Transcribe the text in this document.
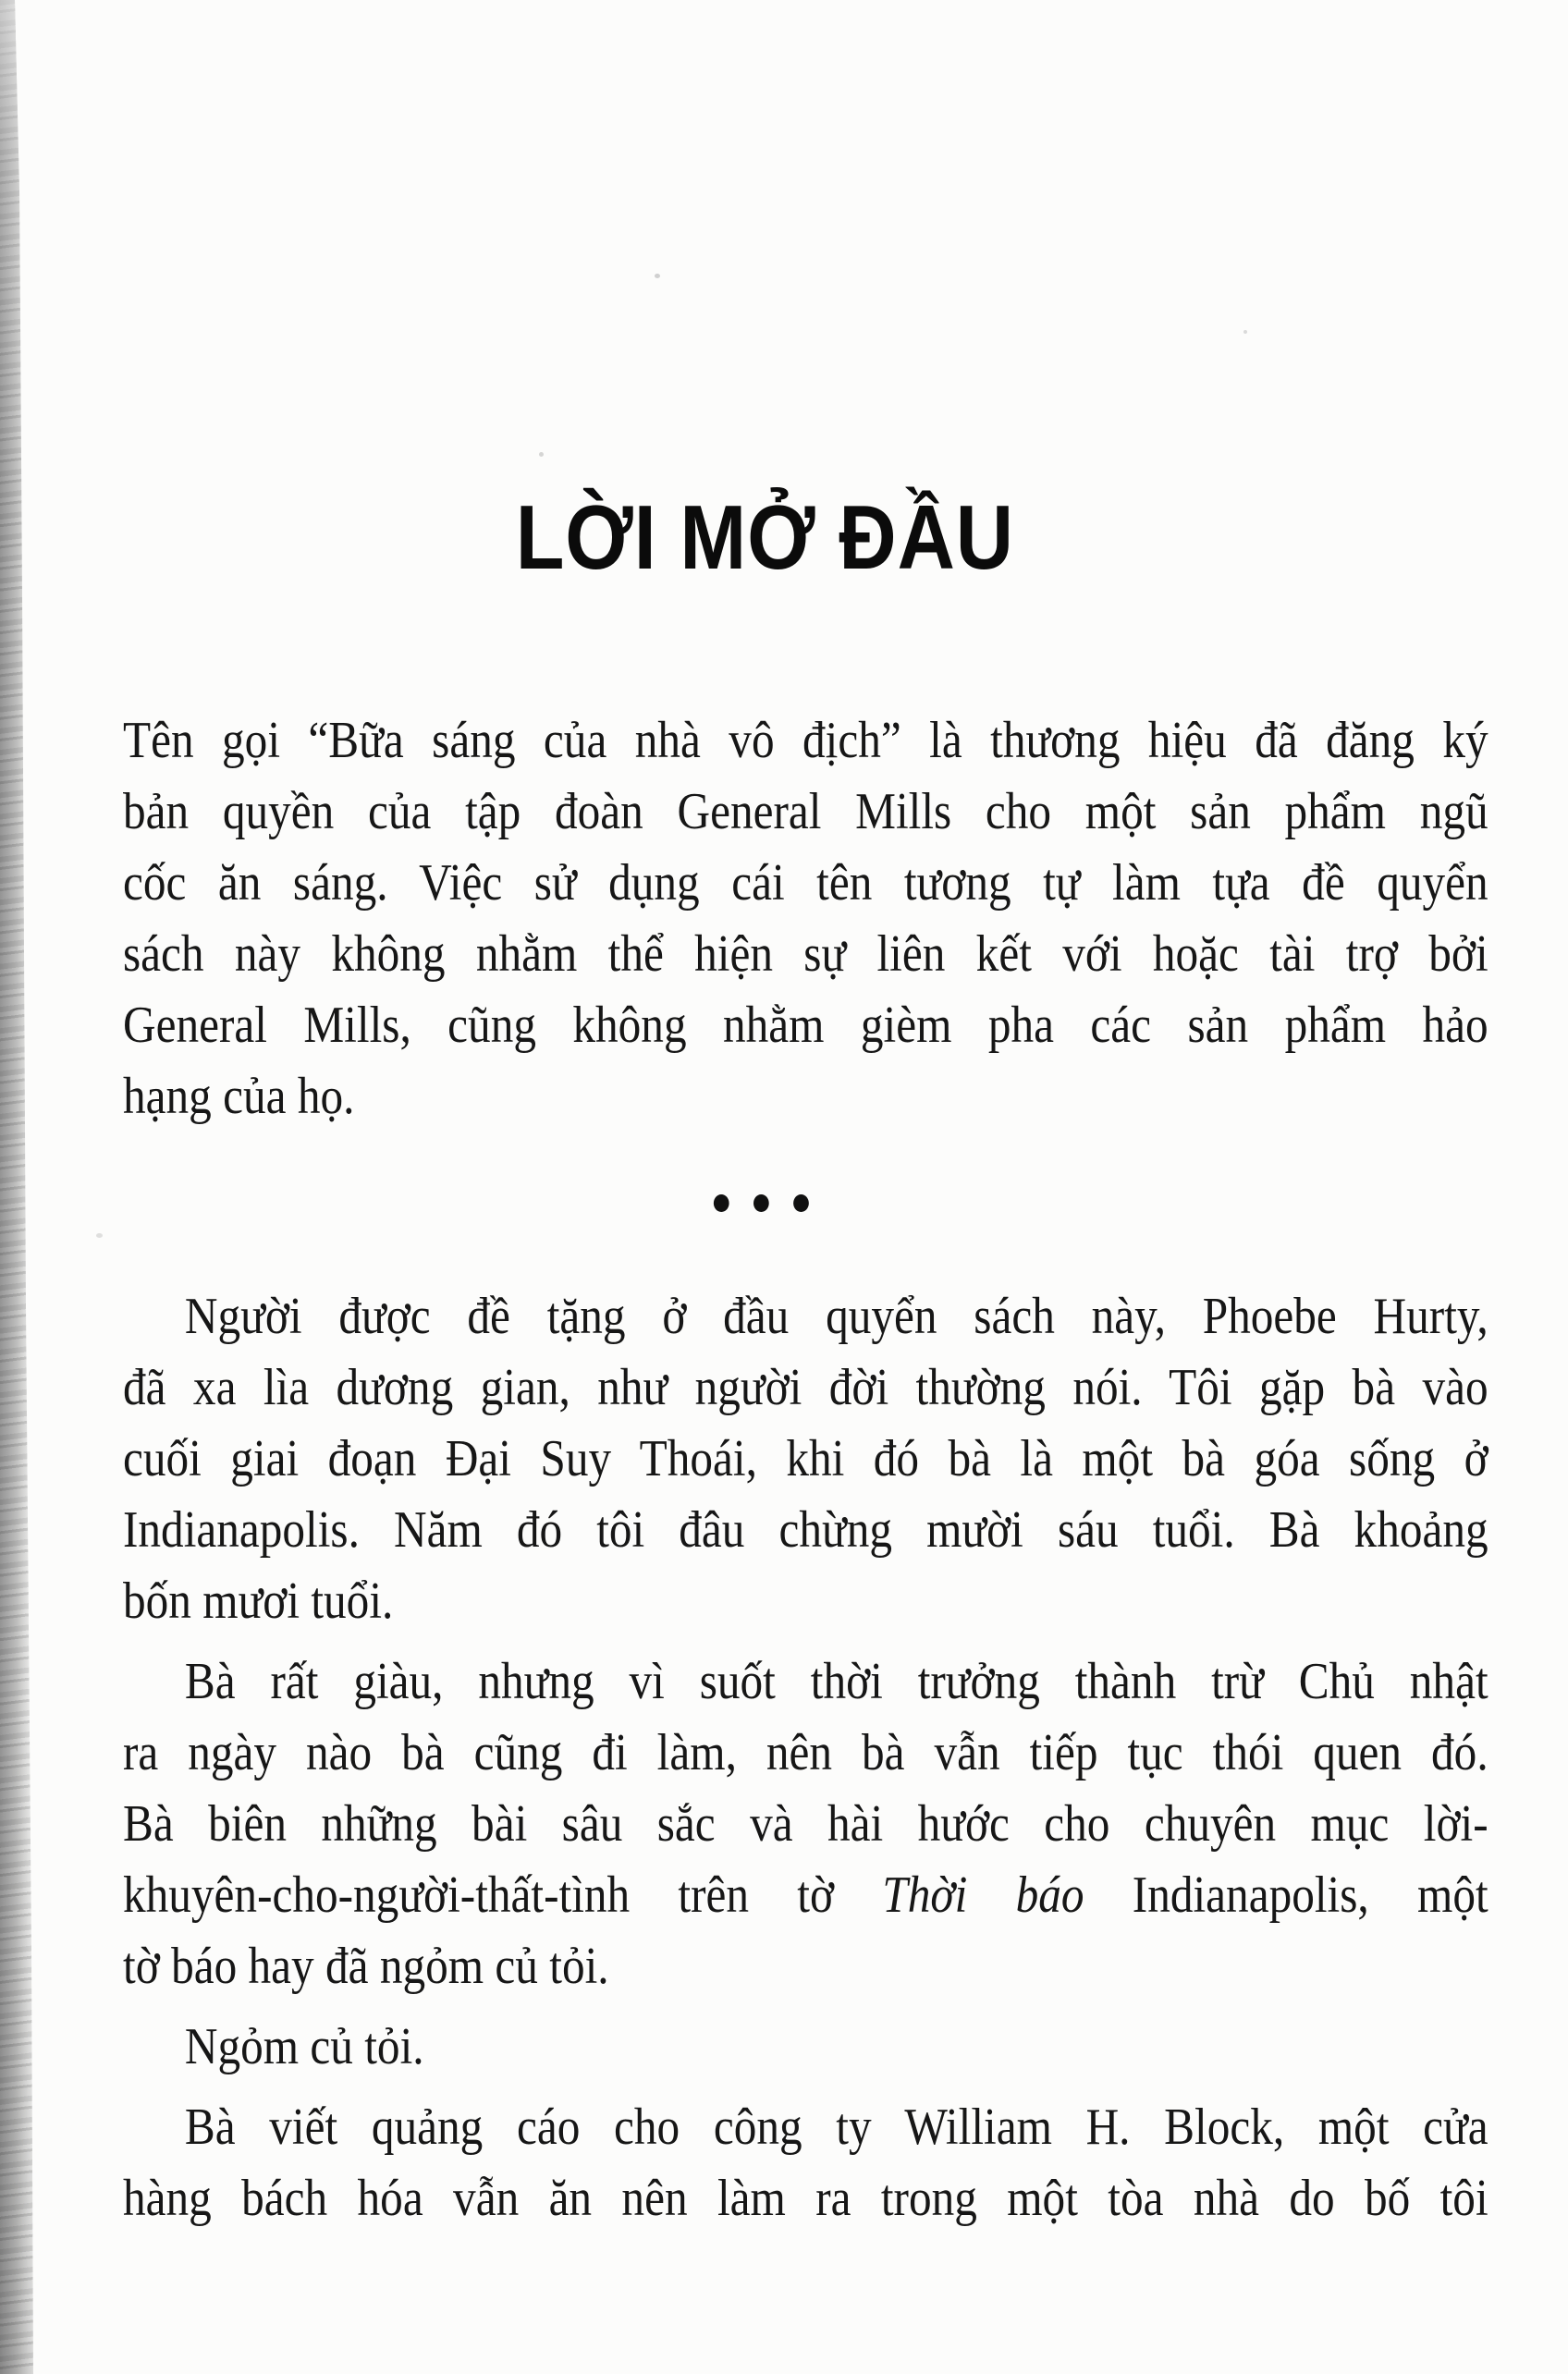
LỜI MỞ ĐẦU
Tên gọi “Bữa sáng của nhà vô địch” là thương hiệu đã đăng ký
bản quyền của tập đoàn General Mills cho một sản phẩm ngũ
cốc ăn sáng. Việc sử dụng cái tên tương tự làm tựa đề quyển
sách này không nhằm thể hiện sự liên kết với hoặc tài trợ bởi
General Mills, cũng không nhằm gièm pha các sản phẩm hảo
hạng của họ.
Người được đề tặng ở đầu quyển sách này, Phoebe Hurty,
đã xa lìa dương gian, như người đời thường nói. Tôi gặp bà vào
cuối giai đoạn Đại Suy Thoái, khi đó bà là một bà góa sống ở
Indianapolis. Năm đó tôi đâu chừng mười sáu tuổi. Bà khoảng
bốn mươi tuổi.
Bà rất giàu, nhưng vì suốt thời trưởng thành trừ Chủ nhật
ra ngày nào bà cũng đi làm, nên bà vẫn tiếp tục thói quen đó.
Bà biên những bài sâu sắc và hài hước cho chuyên mục lời-
khuyên-cho-người-thất-tình trên tờ Thời báo Indianapolis, một
tờ báo hay đã ngỏm củ tỏi.
Ngỏm củ tỏi.
Bà viết quảng cáo cho công ty William H. Block, một cửa
hàng bách hóa vẫn ăn nên làm ra trong một tòa nhà do bố tôi
